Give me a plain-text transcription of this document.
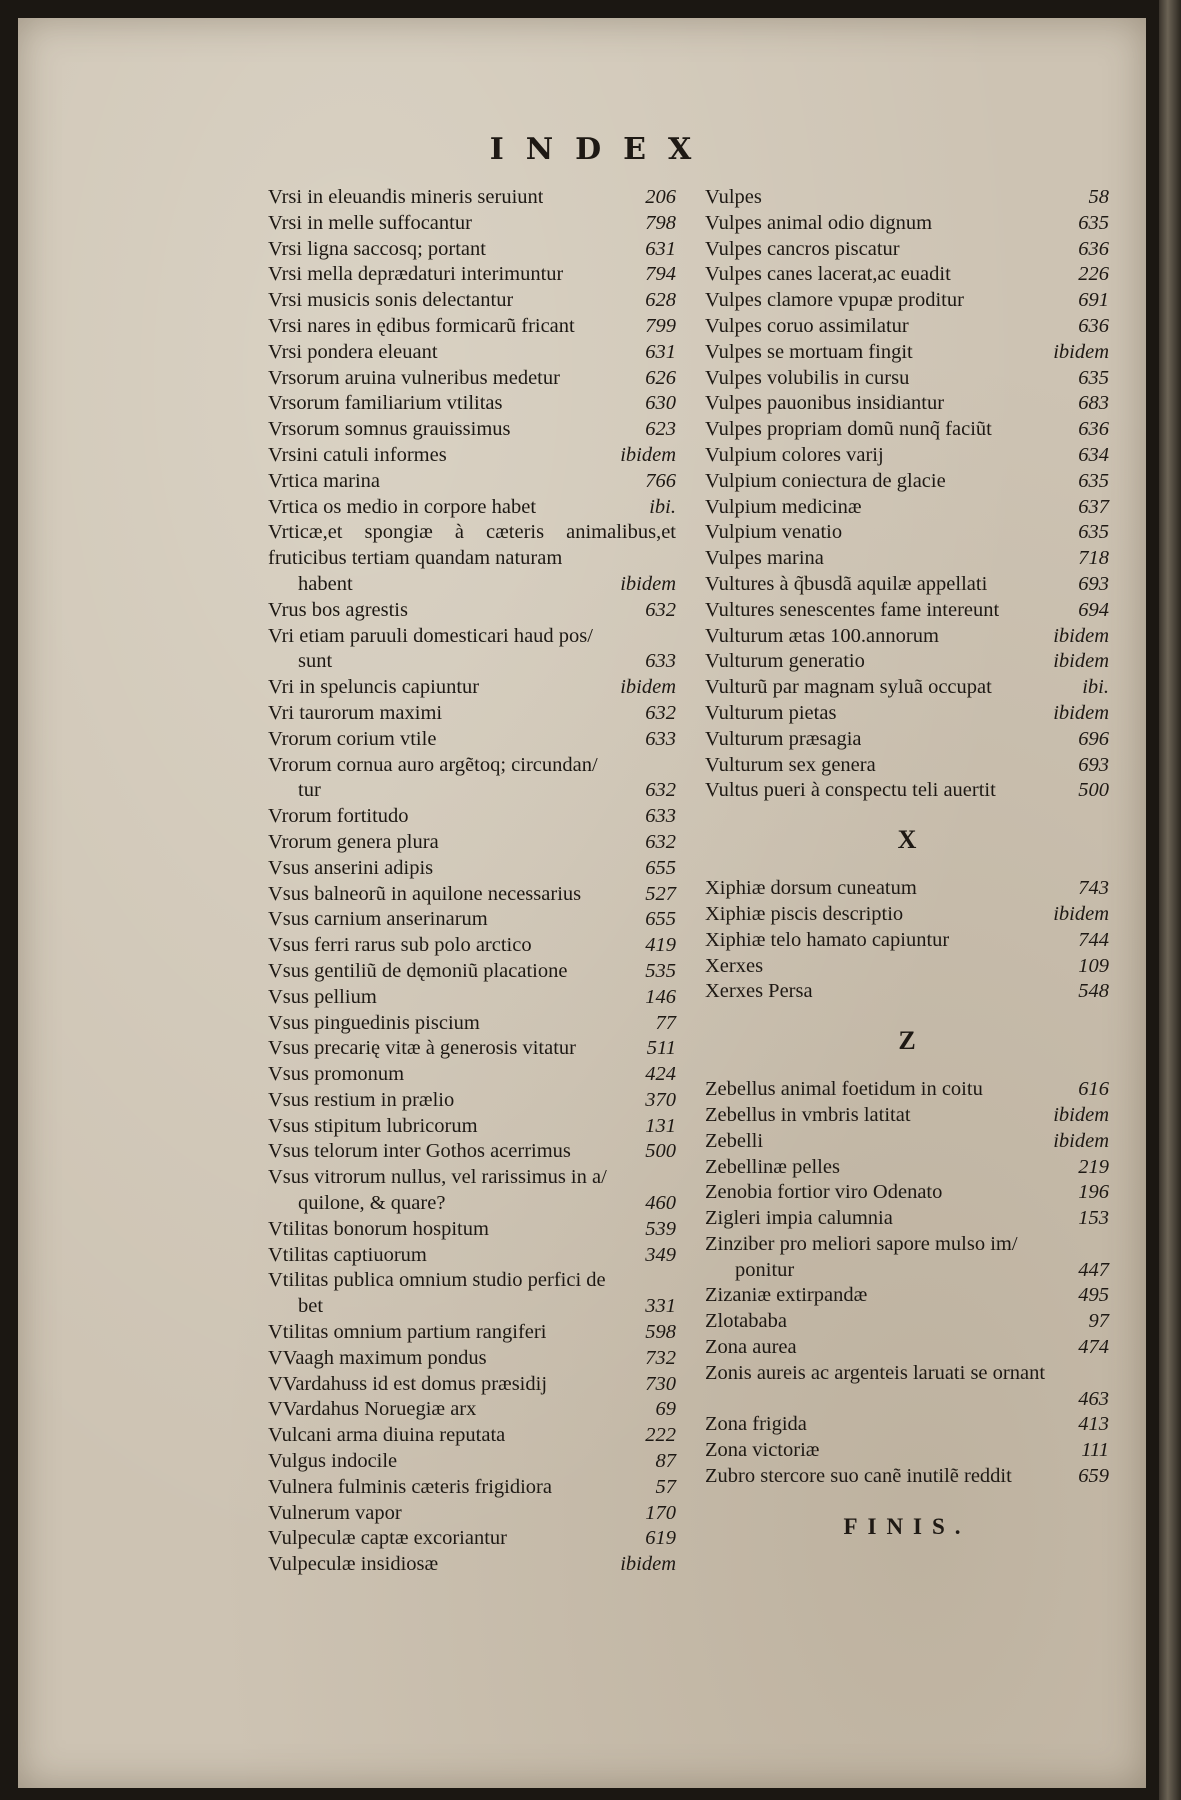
INDEX
Vrsi in eleuandis mineris seruiunt	206
Vrsi in melle suffocantur	798
Vrsi ligna saccosq; portant	631
Vrsi mella deprædaturi interimuntur	794
Vrsi musicis sonis delectantur	628
Vrsi nares in ędibus formicarũ fricant	799
Vrsi pondera eleuant	631
Vrsorum aruina vulneribus medetur	626
Vrsorum familiarium vtilitas	630
Vrsorum somnus grauissimus	623
Vrsini catuli informes	ibidem
Vrtica marina	766
Vrtica os medio in corpore habet	ibi.
Vrticæ,et spongiæ à cæteris animalibus,et fruticibus tertiam quandam naturam
habent	ibidem
Vrus bos agrestis	632
Vri etiam paruuli domesticari haud pos/
sunt	633
Vri in speluncis capiuntur	ibidem
Vri taurorum maximi	632
Vrorum corium vtile	633
Vrorum cornua auro argẽtoq; circundan/
tur	632
Vrorum fortitudo	633
Vrorum genera plura	632
Vsus anserini adipis	655
Vsus balneorũ in aquilone necessarius	527
Vsus carnium anserinarum	655
Vsus ferri rarus sub polo arctico	419
Vsus gentiliũ de dęmoniũ placatione	535
Vsus pellium	146
Vsus pinguedinis piscium	77
Vsus precarię vitæ à generosis vitatur	511
Vsus promonum	424
Vsus restium in prælio	370
Vsus stipitum lubricorum	131
Vsus telorum inter Gothos acerrimus	500
Vsus vitrorum nullus, vel rarissimus in a/
quilone, & quare?	460
Vtilitas bonorum hospitum	539
Vtilitas captiuorum	349
Vtilitas publica omnium studio perfici de
bet	331
Vtilitas omnium partium rangiferi	598
VVaagh maximum pondus	732
VVardahuss id est domus præsidij	730
VVardahus Noruegiæ arx	69
Vulcani arma diuina reputata	222
Vulgus indocile	87
Vulnera fulminis cæteris frigidiora	57
Vulnerum vapor	170
Vulpeculæ captæ excoriantur	619
Vulpeculæ insidiosæ	ibidem
Vulpes	58
Vulpes animal odio dignum	635
Vulpes cancros piscatur	636
Vulpes canes lacerat,ac euadit	226
Vulpes clamore vpupæ proditur	691
Vulpes coruo assimilatur	636
Vulpes se mortuam fingit	ibidem
Vulpes volubilis in cursu	635
Vulpes pauonibus insidiantur	683
Vulpes propriam domũ nunq̃ faciũt	636
Vulpium colores varij	634
Vulpium coniectura de glacie	635
Vulpium medicinæ	637
Vulpium venatio	635
Vulpes marina	718
Vultures à q̃busdã aquilæ appellati	693
Vultures senescentes fame intereunt	694
Vulturum ætas 100.annorum	ibidem
Vulturum generatio	ibidem
Vulturũ par magnam syluã occupat	ibi.
Vulturum pietas	ibidem
Vulturum præsagia	696
Vulturum sex genera	693
Vultus pueri à conspectu teli auertit	500
X
Xiphiæ dorsum cuneatum	743
Xiphiæ piscis descriptio	ibidem
Xiphiæ telo hamato capiuntur	744
Xerxes	109
Xerxes Persa	548
Z
Zebellus animal foetidum in coitu	616
Zebellus in vmbris latitat	ibidem
Zebelli	ibidem
Zebellinæ pelles	219
Zenobia fortior viro Odenato	196
Zigleri impia calumnia	153
Zinziber pro meliori sapore mulso im/
ponitur	447
Zizaniæ extirpandæ	495
Zlotababa	97
Zona aurea	474
Zonis aureis ac argenteis laruati se ornant
463
Zona frigida	413
Zona victoriæ	111
Zubro stercore suo canẽ inutilẽ reddit	659
FINIS.
